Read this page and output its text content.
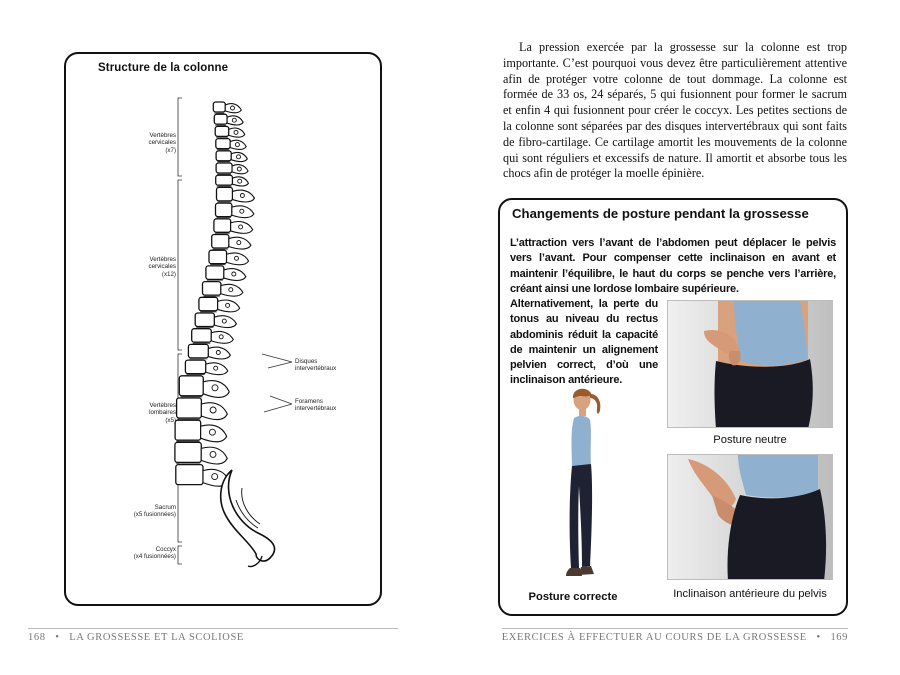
Structure de la colonne
Vertèbres
cervicales
(x7)
Vertèbres
cervicales
(x12)
Vertèbres
lombaires
(x5)
Sacrum
(x5 fusionnées)
Coccyx
(x4 fusionnées)
Disques
intervertébraux
Foramens
intervertébraux
168 • LA GROSSESSE ET LA SCOLIOSE

La pression exercée par la grossesse sur la colonne est trop importante. C’est pourquoi vous devez être particulièrement attentive afin de protéger votre colonne de tout dommage. La colonne est formée de 33 os, 24 séparés, 5 qui fusionnent pour former le sacrum et enfin 4 qui fusionnent pour créer le coccyx. Les petites sections de la colonne sont séparées par des disques intervertébraux qui sont faits de fibro-cartilage. Ce cartilage amortit les mouvements de la colonne qui sont réguliers et excessifs de nature. Il amortit et absorbe tous les chocs afin de protéger la moelle épinière.

Changements de posture pendant la grossesse

L’attraction vers l’avant de l’abdomen peut déplacer le pelvis vers l’avant. Pour compenser cette inclinaison en avant et maintenir l’équilibre, le haut du corps se penche vers l’arrière, créant ainsi une lordose lombaire supérieure.

Alternativement, la perte du tonus au niveau du rectus abdominis réduit la capacité de maintenir un alignement pelvien correct, d’où une inclinaison antérieure.

Posture correcte
Posture neutre
Inclinaison antérieure du pelvis
EXERCICES À EFFECTUER AU COURS DE LA GROSSESSE • 169
